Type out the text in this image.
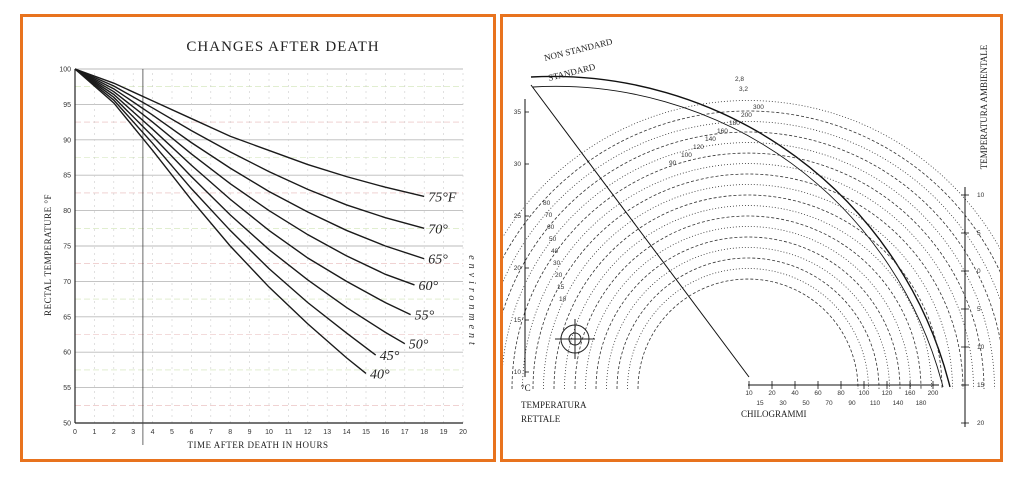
CHANGES AFTER DEATH
50
55
60
65
70
75
80
85
90
95
100
0 1 2 3 4 5 6 7 8 9 10 11 12 13 14 15 16 17 18 19 20
75°F
70°
65°
60°
55°
50°
45°
40°
TIME AFTER DEATH IN HOURS
RECTAL TEMPERATURE °F	environment
10
15
20
25
30
35
10
5
0
5
10
15
20
80
70
60
50
40
30
20
15
10
2,8
3,2
300
200
180
160
140
120
100
90
10 20 40 60 80 100 120 160 200
15 30 50 70 90 110 140 180
NON STANDARD
STANDARD
°C
TEMPERATURA
RETTALE	CHILOGRAMMI
TEMPERATURA AMBIENTALE
